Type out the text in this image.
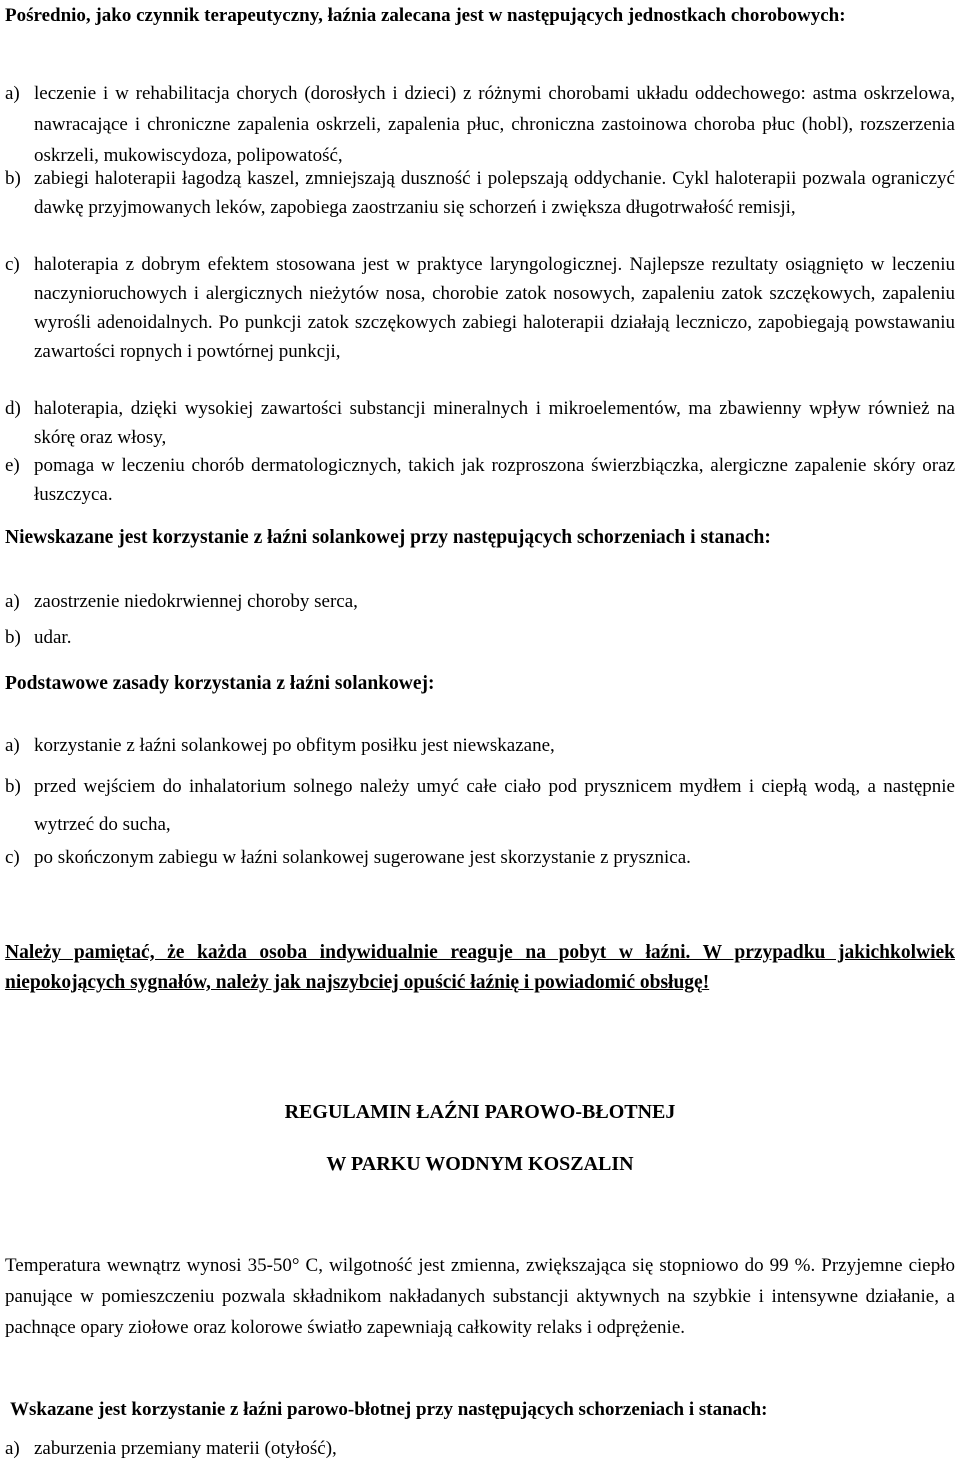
Pośrednio, jako czynnik terapeutyczny, łaźnia zalecana jest w następujących jednostkach chorobowych:

a) leczenie i w rehabilitacja chorych (dorosłych i dzieci) z różnymi chorobami układu oddechowego: astma oskrzelowa, nawracające i chroniczne zapalenia oskrzeli, zapalenia płuc, chroniczna zastoinowa choroba płuc (hobl), rozszerzenia oskrzeli, mukowiscydoza, polipowatość,
b) zabiegi haloterapii łagodzą kaszel, zmniejszają duszność i polepszają oddychanie. Cykl haloterapii pozwala ograniczyć dawkę przyjmowanych leków, zapobiega zaostrzaniu się schorzeń i zwiększa długotrwałość remisji,
c) haloterapia z dobrym efektem stosowana jest w praktyce laryngologicznej. Najlepsze rezultaty osiągnięto w leczeniu naczynioruchowych i alergicznych nieżytów nosa, chorobie zatok nosowych, zapaleniu zatok szczękowych, zapaleniu wyrośli adenoidalnych. Po punkcji zatok szczękowych zabiegi haloterapii działają leczniczo, zapobiegają powstawaniu zawartości ropnych i powtórnej punkcji,
d) haloterapia, dzięki wysokiej zawartości substancji mineralnych i mikroelementów, ma zbawienny wpływ również na skórę oraz włosy,
e) pomaga w leczeniu chorób dermatologicznych, takich jak rozproszona świerzbiączka, alergiczne zapalenie skóry oraz łuszczyca.

Niewskazane jest korzystanie z łaźni solankowej przy następujących schorzeniach i stanach:

a) zaostrzenie niedokrwiennej choroby serca,
b) udar.

Podstawowe zasady korzystania z łaźni solankowej:

a) korzystanie z łaźni solankowej po obfitym posiłku jest niewskazane,
b) przed wejściem do inhalatorium solnego należy umyć całe ciało pod prysznicem mydłem i ciepłą wodą, a następnie wytrzeć do sucha,
c) po skończonym zabiegu w łaźni solankowej sugerowane jest skorzystanie z prysznica.

Należy pamiętać, że każda osoba indywidualnie reaguje na pobyt w łaźni. W przypadku jakichkolwiek niepokojących sygnałów, należy jak najszybciej opuścić łaźnię i powiadomić obsługę!

REGULAMIN ŁAŹNI PAROWO-BŁOTNEJ

W PARKU WODNYM KOSZALIN

Temperatura wewnątrz wynosi 35-50° C, wilgotność jest zmienna, zwiększająca się stopniowo do 99 %. Przyjemne ciepło panujące w pomieszczeniu pozwala składnikom nakładanych substancji aktywnych na szybkie i intensywne działanie, a pachnące opary ziołowe oraz kolorowe światło zapewniają całkowity relaks i odprężenie.

Wskazane jest korzystanie z łaźni parowo-błotnej przy następujących schorzeniach i stanach:

a) zaburzenia przemiany materii (otyłość),
